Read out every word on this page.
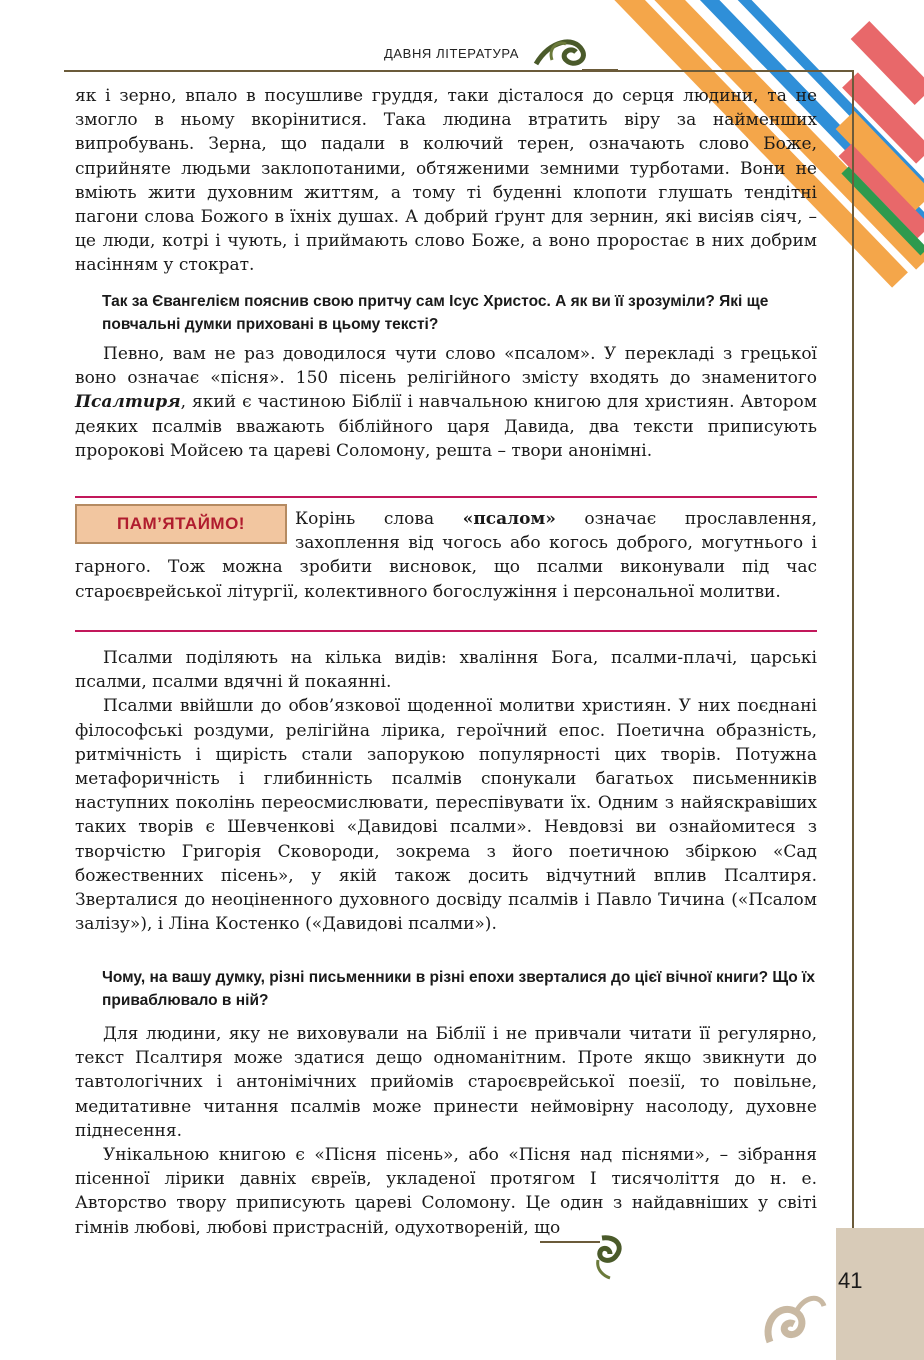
ДАВНЯ ЛІТЕРАТУРА

як і зерно, впало в посушливе груддя, таки дісталося до серця людини, та не змогло в ньому вкорінитися. Така людина втратить віру за найменших випробувань. Зерна, що падали в колючий терен, означають слово Боже, сприйняте людьми заклопотаними, обтяженими земними турботами. Вони не вміють жити духовним життям, а тому ті буденні клопоти глушать тендітні пагони слова Божого в їхніх душах. А добрий ґрунт для зернин, які висіяв сіяч, – це люди, котрі і чують, і приймають слово Боже, а воно проростає в них добрим насінням у стократ.

Так за Євангелієм пояснив свою притчу сам Ісус Христос. А як ви її зрозуміли? Які ще повчальні думки приховані в цьому тексті?

Певно, вам не раз доводилося чути слово «псалом». У перекладі з грецької воно означає «пісня». 150 пісень релігійного змісту входять до знаменитого Псалтиря, який є частиною Біблії і навчальною книгою для християн. Автором деяких псалмів вважають біблійного царя Давида, два тексти приписують пророкові Мойсею та цареві Соломону, решта – твори анонімні.

ПАМ’ЯТАЙМО!	Корінь слова «псалом» означає прославлення, захоплення від чогось або когось доброго, могутнього і гарного. Тож можна зробити висновок, що псалми виконували під час староєврейської літургії, колективного богослужіння і персональної молитви.

Псалми поділяють на кілька видів: хваління Бога, псалми-плачі, царські псалми, псалми вдячні й покаянні.

Псалми ввійшли до обов’язкової щоденної молитви християн. У них поєднані філософські роздуми, релігійна лірика, героїчний епос. Поетична образність, ритмічність і щирість стали запорукою популярності цих творів. Потужна метафоричність і глибинність псалмів спонукали багатьох письменників наступних поколінь переосмислювати, переспівувати їх. Одним з найяскравіших таких творів є Шевченкові «Давидові псалми». Невдовзі ви ознайомитеся з творчістю Григорія Сковороди, зокрема з його поетичною збіркою «Сад божественних пісень», у якій також досить відчутний вплив Псалтиря. Зверталися до неоціненного духовного досвіду псалмів і Павло Тичина («Псалом залізу»), і Ліна Костенко («Давидові псалми»).

Чому, на вашу думку, різні письменники в різні епохи зверталися до цієї вічної книги? Що їх приваблювало в ній?

Для людини, яку не виховували на Біблії і не привчали читати її регулярно, текст Псалтиря може здатися дещо одноманітним. Проте якщо звикнути до тавтологічних і антонімічних прийомів староєврейської поезії, то повільне, медитативне читання псалмів може принести неймовірну насолоду, духовне піднесення.

Унікальною книгою є «Пісня пісень», або «Пісня над піснями», – зібрання пісенної лірики давніх євреїв, укладеної протягом І тисячоліття до н. е. Авторство твору приписують цареві Соломону. Це один з найдавніших у світі гімнів любові, любові пристрасній, одухотвореній, що

41
